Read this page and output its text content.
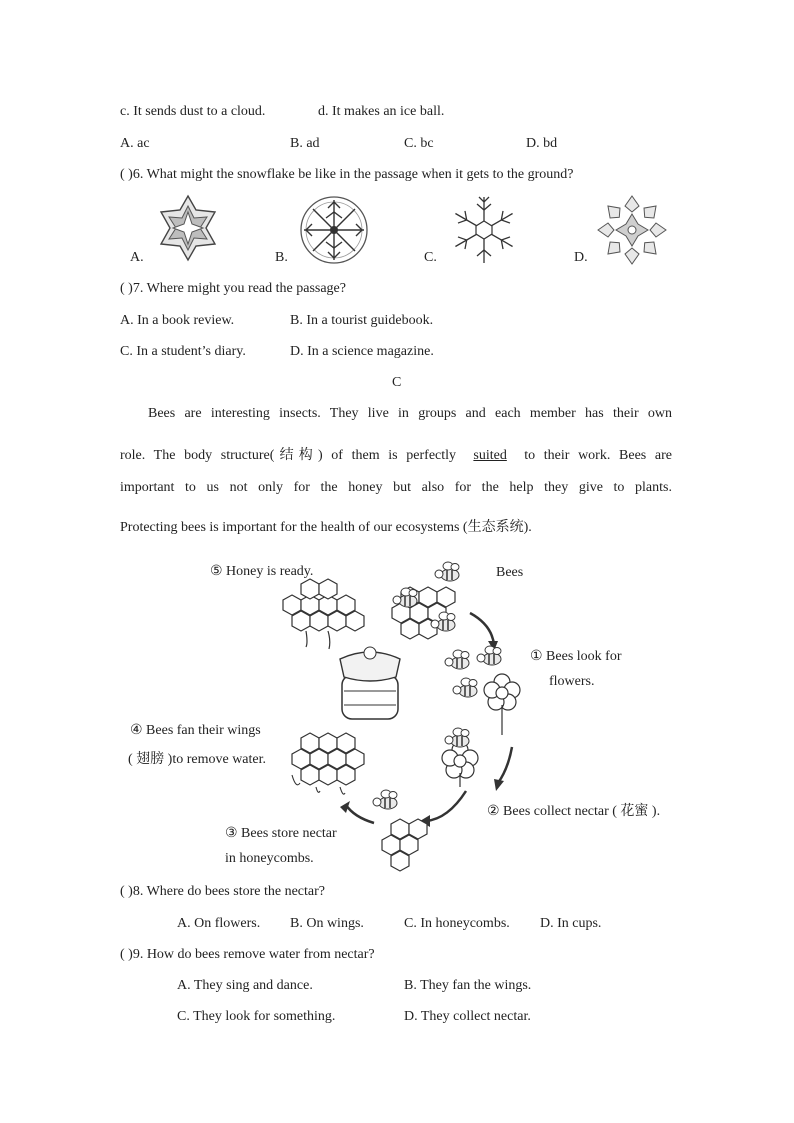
c. It sends dust to a cloud.	d. It makes an ice ball.
A. ac	B. ad	C. bc	D. bd
( )6. What might the snowflake be like in the passage when it gets to the ground?
A.	B.	C.	D.
( )7. Where might you read the passage?
A. In a book review.	B. In a tourist guidebook.
C. In a student’s diary.	D. In a science magazine.
C
Bees are interesting insects. They live in groups and each member has their own
role. The body structure(结构) of them is perfectly suited to their work. Bees are
important to us not only for the honey but also for the help they give to plants.
Protecting bees is important for the health of our ecosystems (生态系统).
⑤ Honey is ready.	Bees
① Bees look for
flowers.
④ Bees fan their wings
( 翅膀 )to remove water.
② Bees collect nectar ( 花蜜 ).
③ Bees store nectar
in honeycombs.
( )8. Where do bees store the nectar?
A. On flowers. B. On wings.	C. In honeycombs. D. In cups.
( )9. How do bees remove water from nectar?
A. They sing and dance.	B. They fan the wings.
C. They look for something.	D. They collect nectar.
